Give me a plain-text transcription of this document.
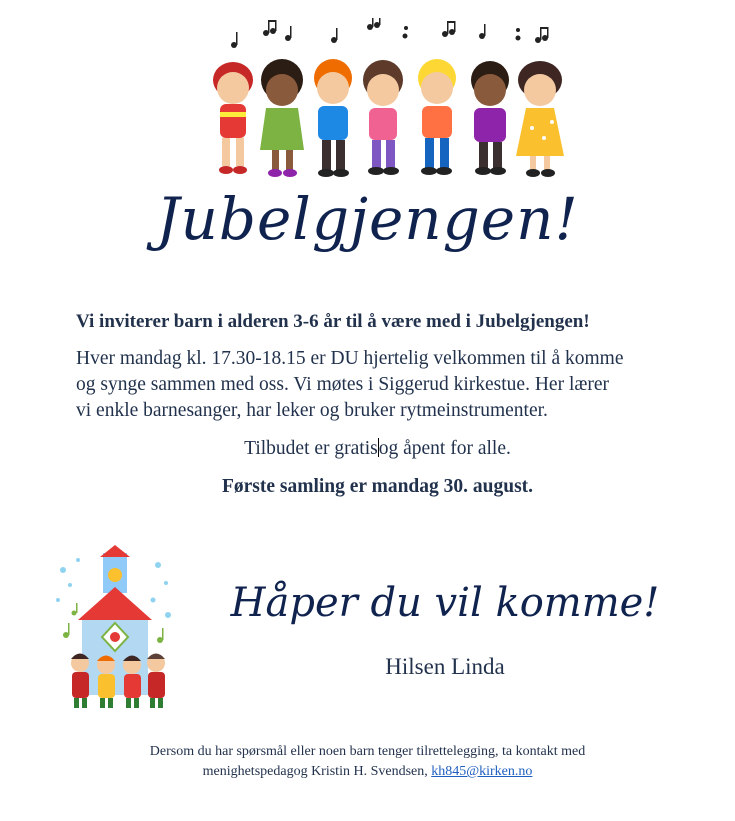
Jubelgjengen!
Vi inviterer barn i alderen 3-6 år til å være med i Jubelgjengen!
Hver mandag kl. 17.30-18.15 er DU hjertelig velkommen til å komme
og synge sammen med oss. Vi møtes i Siggerud kirkestue. Her lærer
vi enkle barnesanger, har leker og bruker rytmeinstrumenter.
Tilbudet er gratisog åpent for alle.
Første samling er mandag 30. august.
Håper du vil komme!
Hilsen Linda
Dersom du har spørsmål eller noen barn tenger tilrettelegging, ta kontakt med
menighetspedagog Kristin H. Svendsen, kh845@kirken.no
